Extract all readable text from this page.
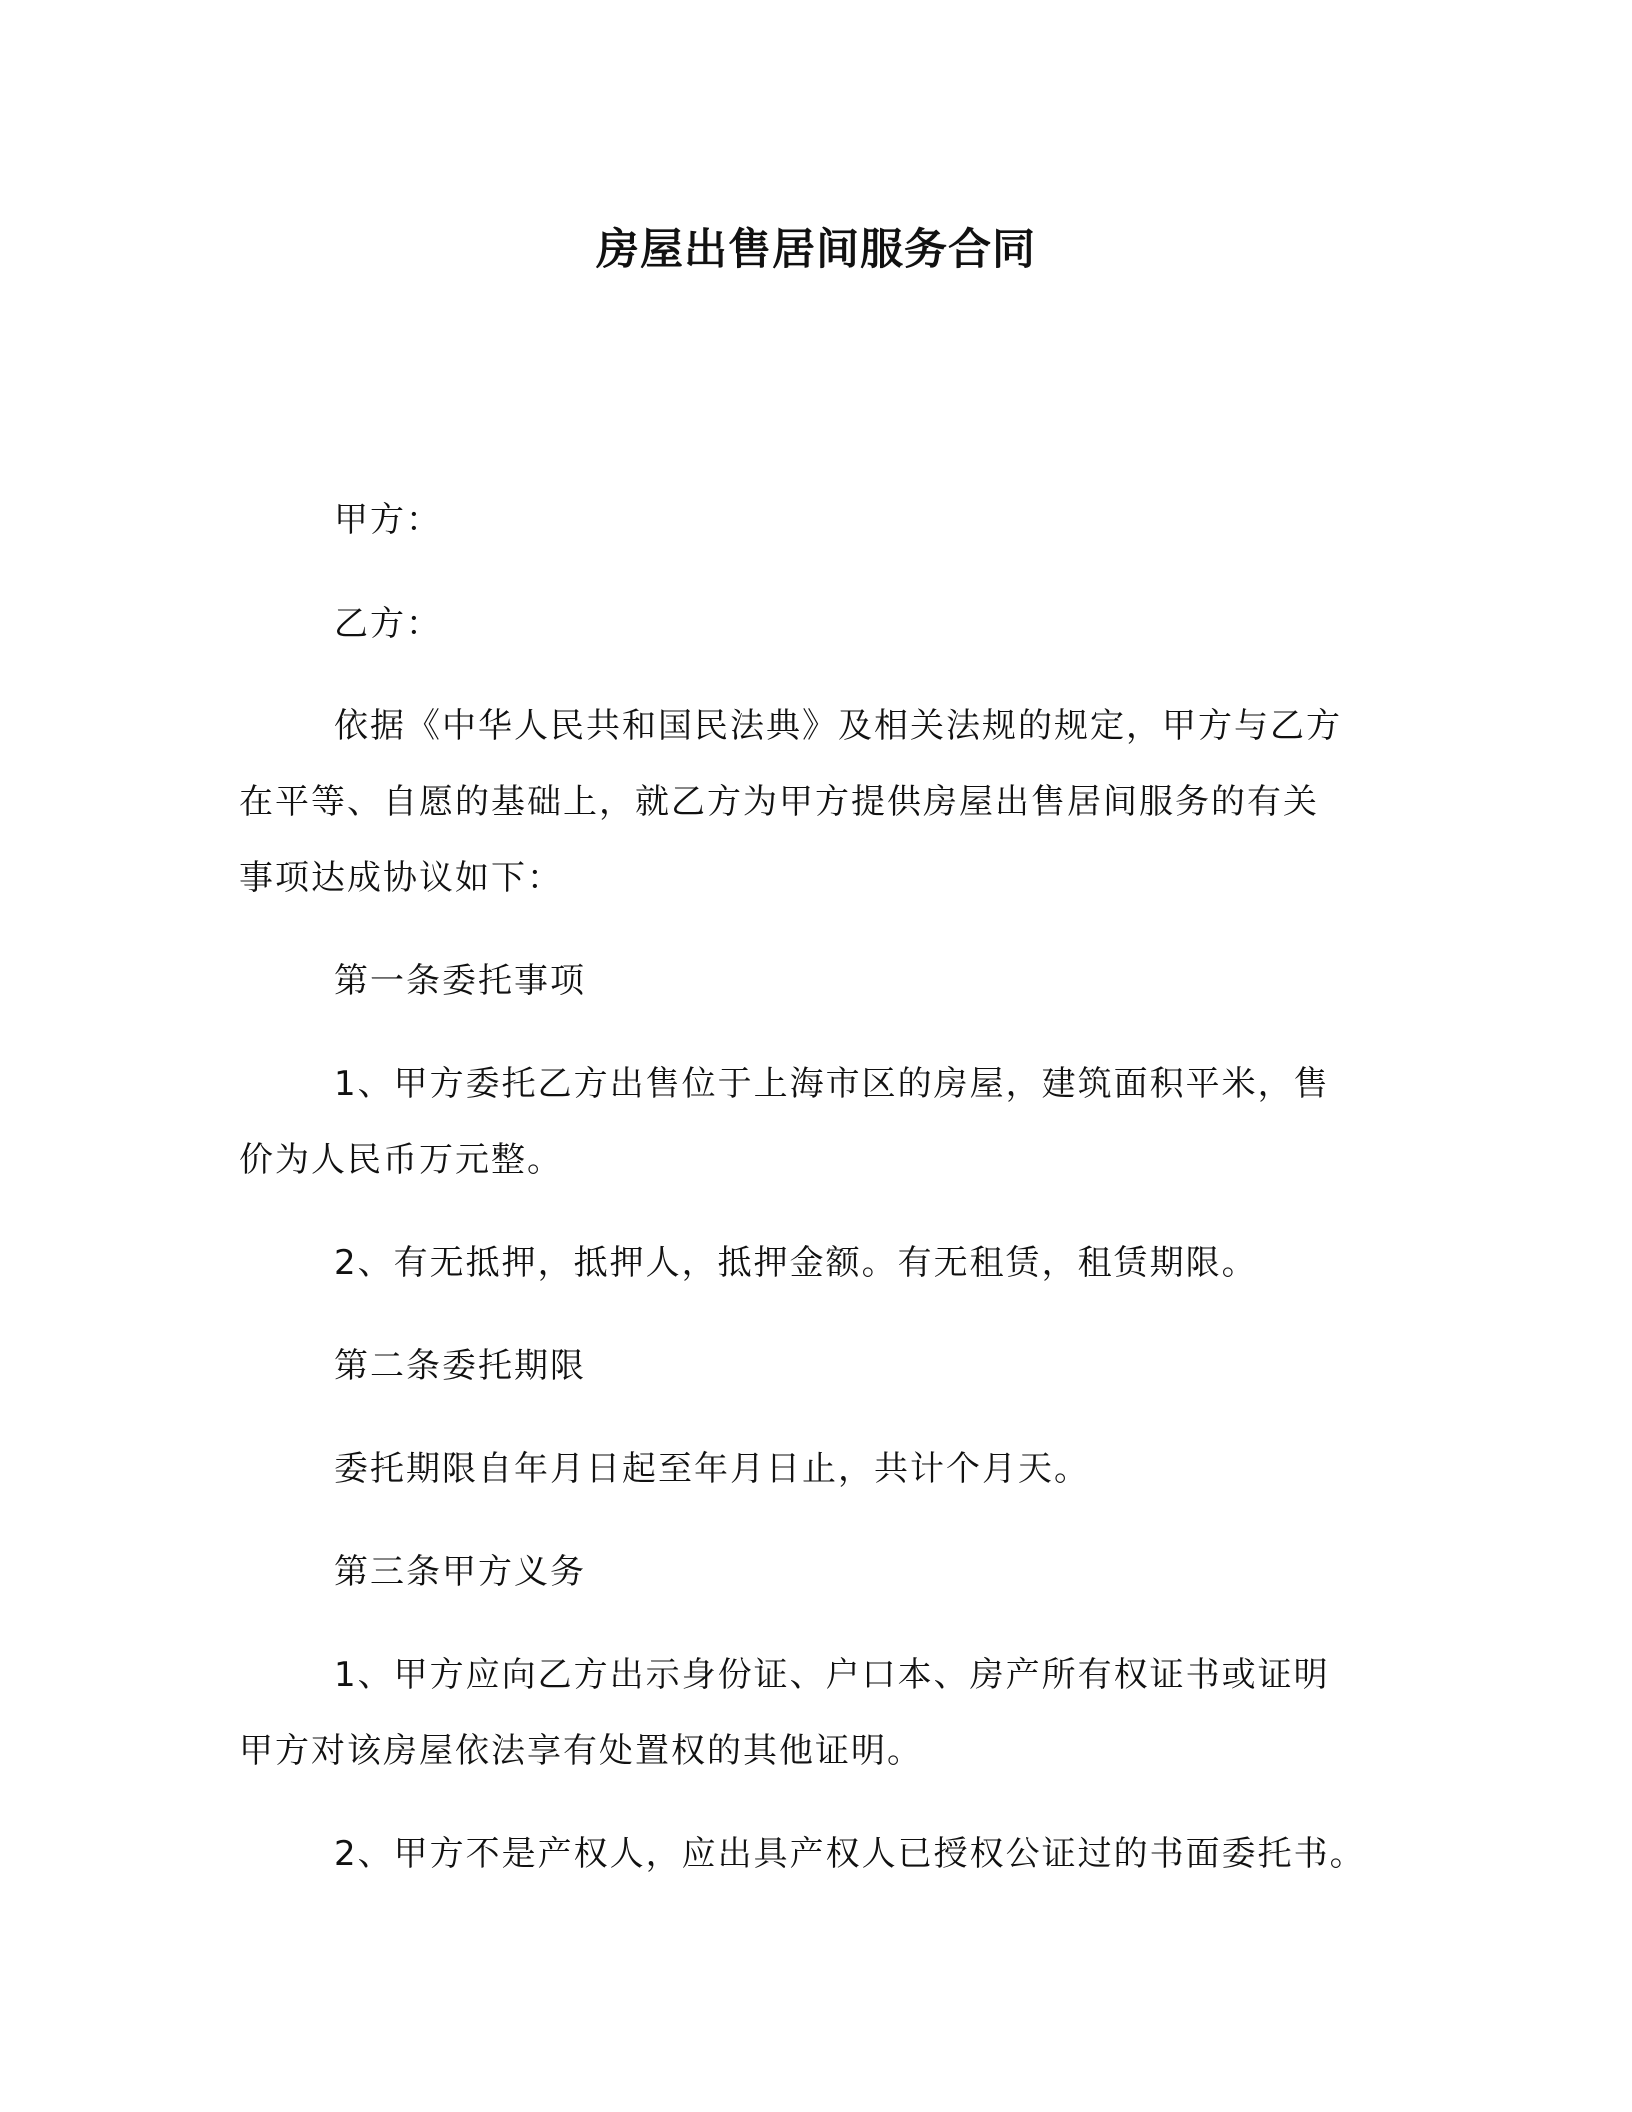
房屋出售居间服务合同

甲方：

乙方：

依据《中华人民共和国民法典》及相关法规的规定，甲方与乙方

在平等、自愿的基础上，就乙方为甲方提供房屋出售居间服务的有关

事项达成协议如下：

第一条委托事项

1、甲方委托乙方出售位于上海市区的房屋，建筑面积平米，售

价为人民币万元整。

2、有无抵押，抵押人，抵押金额。有无租赁，租赁期限。

第二条委托期限

委托期限自年月日起至年月日止，共计个月天。

第三条甲方义务

1、甲方应向乙方出示身份证、户口本、房产所有权证书或证明

甲方对该房屋依法享有处置权的其他证明。

2、甲方不是产权人，应出具产权人已授权公证过的书面委托书。
